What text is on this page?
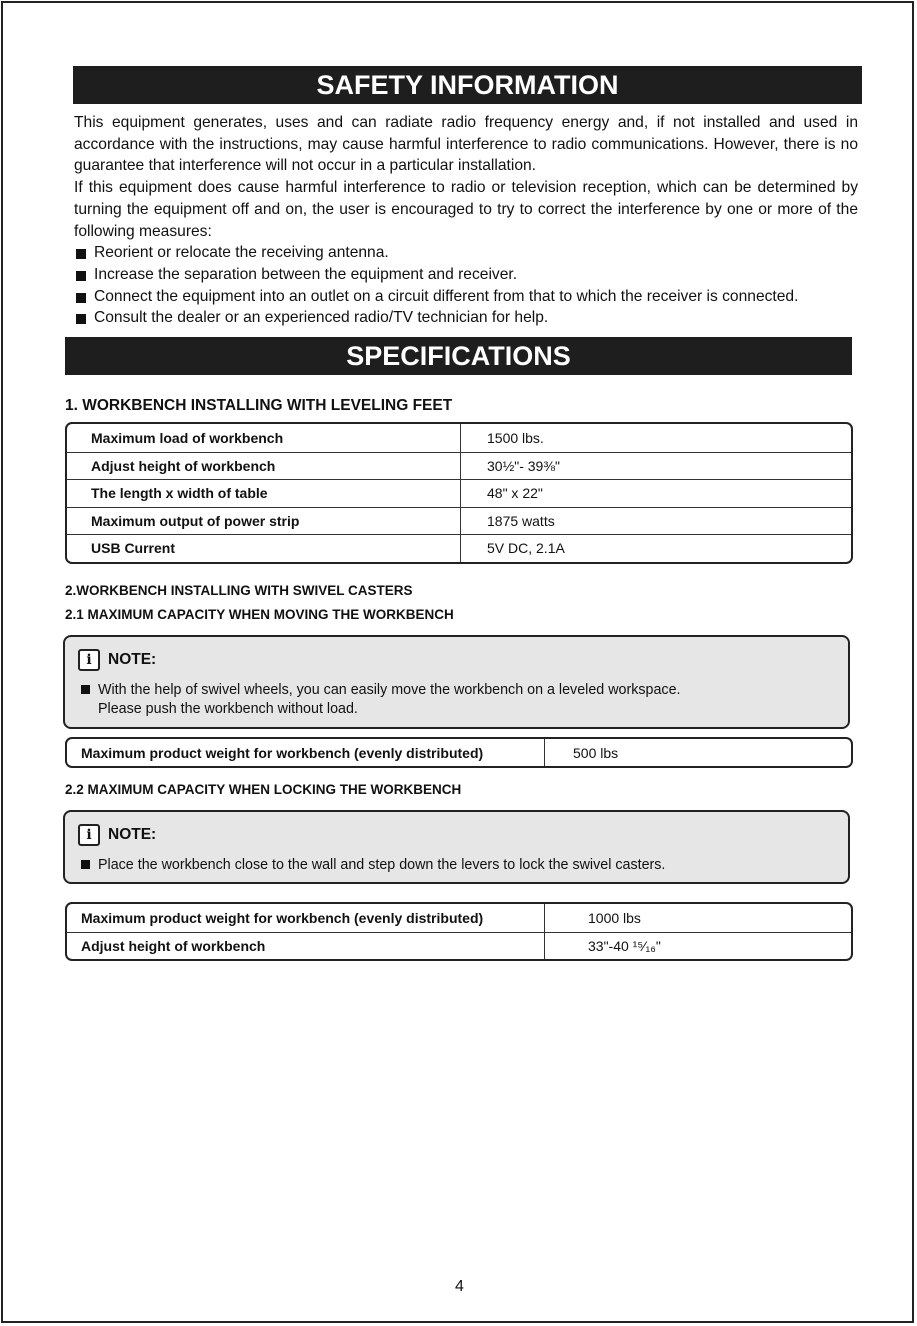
SAFETY INFORMATION

This equipment generates, uses and can radiate radio frequency energy and, if not installed and used in accordance with the instructions, may cause harmful interference to radio communications. However, there is no guarantee that interference will not occur in a particular installation.

If this equipment does cause harmful interference to radio or television reception, which can be determined by turning the equipment off and on, the user is encouraged to try to correct the interference by one or more of the following measures:

Reorient or relocate the receiving antenna.
Increase the separation between the equipment and receiver.
Connect the equipment into an outlet on a circuit different from that to which the receiver is connected.
Consult the dealer or an experienced radio/TV technician for help.
SPECIFICATIONS
1. WORKBENCH INSTALLING WITH LEVELING FEET
Maximum load of workbench	1500 lbs.
Adjust height of workbench	30½"- 39⅜"
The length x width of table	48" x 22"
Maximum output of power strip	1875 watts
USB Current	5V DC, 2.1A
2.WORKBENCH INSTALLING WITH SWIVEL CASTERS
2.1 MAXIMUM CAPACITY WHEN MOVING THE WORKBENCH
i	NOTE:
With the help of swivel wheels, you can easily move the workbench on a leveled workspace.
Please push the workbench without load.
Maximum product weight for workbench (evenly distributed)	500 lbs
2.2 MAXIMUM CAPACITY WHEN LOCKING THE WORKBENCH
i	NOTE:
Place the workbench close to the wall and step down the levers to lock the swivel casters.
Maximum product weight for workbench (evenly distributed)	1000 lbs
Adjust height of workbench	33"-40 ¹⁵⁄₁₆"
4
